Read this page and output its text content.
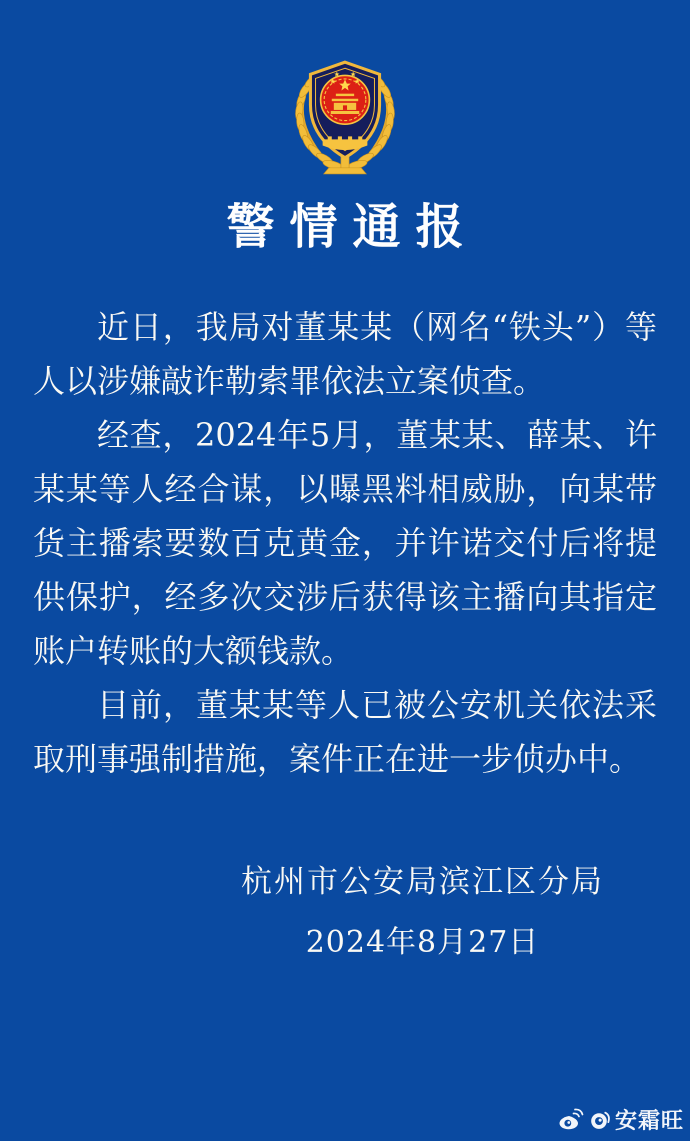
警情通报

近日，我局对董某某（网名“铁头”）等人以涉嫌敲诈勒索罪依法立案侦查。

经查，2024年5月，董某某、薛某、许某某等人经合谋，以曝黑料相威胁，向某带货主播索要数百克黄金，并许诺交付后将提供保护，经多次交涉后获得该主播向其指定账户转账的大额钱款。

目前，董某某等人已被公安机关依法采取刑事强制措施，案件正在进一步侦办中。

杭州市公安局滨江区分局
2024年8月27日
安霜旺
